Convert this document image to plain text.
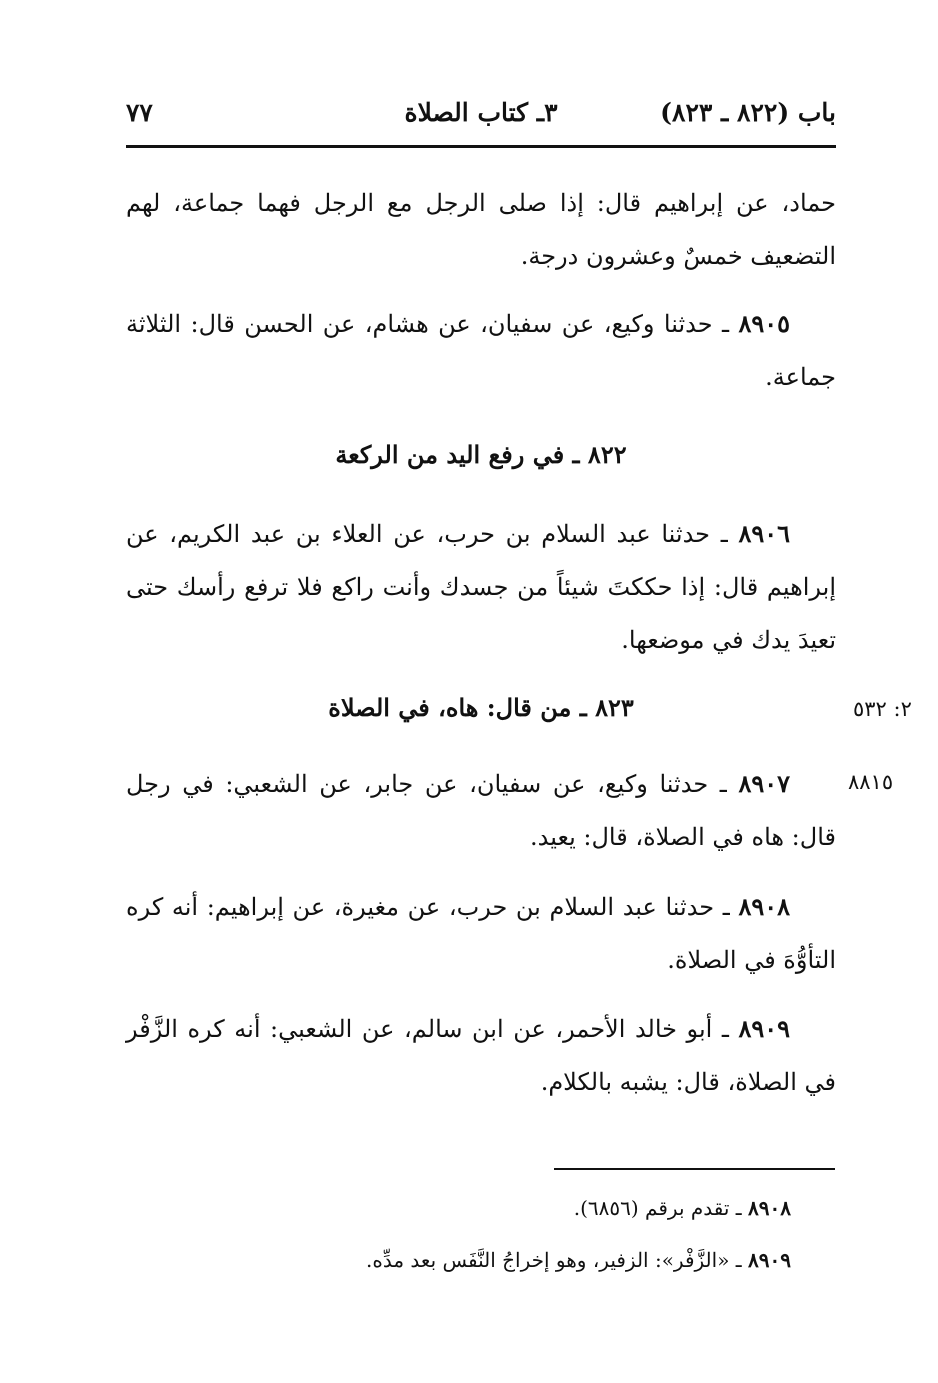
باب (٨٢٢ ـ ٨٢٣)
٣ـ كتاب الصلاة
٧٧
حماد، عن إبراهيم قال: إذا صلى الرجل مع الرجل فهما جماعة، لهم التضعيف خمسٌ وعشرون درجة.
٨٩٠٥ ـ حدثنا وكيع، عن سفيان، عن هشام، عن الحسن قال: الثلاثة جماعة.
٨٢٢ ـ في رفع اليد من الركعة
٨٩٠٦ ـ حدثنا عبد السلام بن حرب، عن العلاء بن عبد الكريم، عن إبراهيم قال: إذا حككتَ شيئاً من جسدك وأنت راكع فلا ترفع رأسك حتى تعيدَ يدك في موضعها.
٨٢٣ ـ من قال: هاه، في الصلاة	٢: ٥٣٢
٨٨١٥
٨٩٠٧ ـ حدثنا وكيع، عن سفيان، عن جابر، عن الشعبي: في رجل قال: هاه في الصلاة، قال: يعيد.
٨٩٠٨ ـ حدثنا عبد السلام بن حرب، عن مغيرة، عن إبراهيم: أنه كره التأوُّهَ في الصلاة.
٨٩٠٩ ـ أبو خالد الأحمر، عن ابن سالم، عن الشعبي: أنه كره الزَّفْر في الصلاة، قال: يشبه بالكلام.
٨٩٠٨ ـ تقدم برقم (٦٨٥٦).
٨٩٠٩ ـ «الزَّفْر»: الزفير، وهو إخراجُ النَّفَس بعد مدِّه.
